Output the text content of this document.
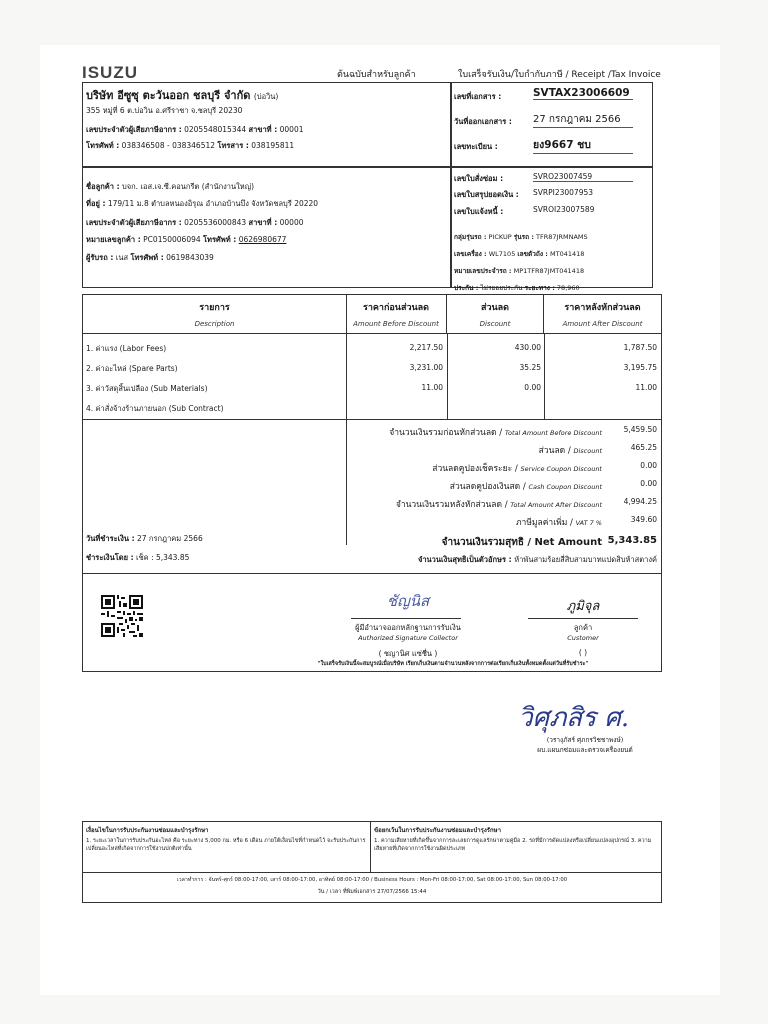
ISUZU	ต้นฉบับสำหรับลูกค้า	ใบเสร็จรับเงิน/ใบกำกับภาษี / Receipt /Tax Invoice
บริษัท อีซูซุ ตะวันออก ชลบุรี จำกัด (บ่อวิน)
355 หมู่ที่ 6 ต.บ่อวิน อ.ศรีราชา จ.ชลบุรี 20230
เลขประจำตัวผู้เสียภาษีอากร : 0205548015344 สาขาที่ : 00001
โทรศัพท์ : 038346508 - 038346512 โทรสาร : 038195811
เลขที่เอกสาร :	SVTAX23006609
วันที่ออกเอกสาร : 27 กรกฎาคม 2566
เลขทะเบียน :	ยง9667 ชบ
ชื่อลูกค้า : บจก. เอส.เจ.ซี.คอนกรีต (สำนักงานใหญ่)
ที่อยู่ : 179/11 ม.8 ตำบลหนองอิรุณ อำเภอบ้านบึง จังหวัดชลบุรี 20220
เลขประจำตัวผู้เสียภาษีอากร : 0205536000843 สาขาที่ : 00000
หมายเลขลูกค้า : PC0150006094 โทรศัพท์ : 0626980677
ผู้รับรถ : เนส โทรศัพท์ : 0619843039
เลขใบสั่งซ่อม :	SVRO23007459
เลขใบสรุปยอดเงิน : SVRPI23007953
เลขใบแจ้งหนี้ :	SVROI23007589
กลุ่มรุ่นรถ : PICKUP รุ่นรถ : TFR87JRMNAMS
เลขเครื่อง : WL7105 เลขตัวถัง : MT041418
หมายเลขประจำรถ : MP1TFR87JMT041418
ประกัน : ไม่รยอยประกัน ระยะทาง : 78,960
รายการ
Description
ราคาก่อนส่วนลด
Amount Before Discount
ส่วนลด
Discount
ราคาหลังหักส่วนลด
Amount After Discount
1. ค่าแรง (Labor Fees)	2,217.50	430.00	1,787.50
2. ค่าอะไหล่ (Spare Parts)	3,231.00	35.25	3,195.75
3. ค่าวัสดุสิ้นเปลือง (Sub Materials)	11.00	0.00	11.00
4. ค่าสั่งจ้างร้านภายนอก (Sub Contract)
จำนวนเงินรวมก่อนหักส่วนลด / Total Amount Before Discount	5,459.50
ส่วนลด / Discount	465.25
ส่วนลดคูปองเช็คระยะ / Service Coupon Discount	0.00
ส่วนลดคูปองเงินสด / Cash Coupon Discount	0.00
จำนวนเงินรวมหลังหักส่วนลด / Total Amount After Discount	4,994.25
ภาษีมูลค่าเพิ่ม / VAT 7 %	349.60
วันที่ชำระเงิน : 27 กรกฎาคม 2566
ชำระเงินโดย : เช็ค : 5,343.85
จำนวนเงินรวมสุทธิ / Net Amount 5,343.85
จำนวนเงินสุทธิเป็นตัวอักษร : ห้าพันสามร้อยสี่สิบสามบาทแปดสิบห้าสตางค์
ชัญนิส
ผู้มีอำนาจออกหลักฐานการรับเงิน
Authorized Signature Collector
( ชญานิศ แซ่ชื่น )
ภูมิจุล
ลูกค้า
Customer
( )
"ใบเสร็จรับเงินนี้จะสมบูรณ์เมื่อบริษัท เรียกเก็บเงินตามจำนวนหลังจากการต่อเรียกเก็บเงินทั้งหมดตั้งแต่วันที่รับชำระ"
วิศุภสิร ศ.
(วรางุภัสร์ ศุภกรวิชชาพงษ์)
ผบ.แผนกซ่อมและตรวจเครื่องยนต์
เงื่อนไขในการรับประกันงานซ่อมและบำรุงรักษา
1. ระยะเวลาในการรับประกันอะไหล่ คือ ระยะทาง 5,000 กม. หรือ 6 เดือน ภายใต้เงื่อนไขที่กำหนดไว้ จะรับประกันการเปลี่ยนอะไหล่ที่เกิดจากการใช้งานปกติเท่านั้น
ข้อยกเว้นในการรับประกันงานซ่อมและบำรุงรักษา
1. ความเสียหายที่เกิดขึ้นจากการละเลยการดูแลรักษาตามคู่มือ 2. รถที่มีการดัดแปลงหรือเปลี่ยนแปลงอุปกรณ์ 3. ความเสียหายที่เกิดจากการใช้งานผิดประเภท
เวลาทำการ : จันทร์-ศุกร์ 08:00-17:00, เสาร์ 08:00-17:00, อาทิตย์ 08:00-17:00 / Business Hours : Mon-Fri 08:00-17:00, Sat 08:00-17:00, Sun 08:00-17:00
วัน / เวลา ที่พิมพ์เอกสาร 27/07/2566 15:44
